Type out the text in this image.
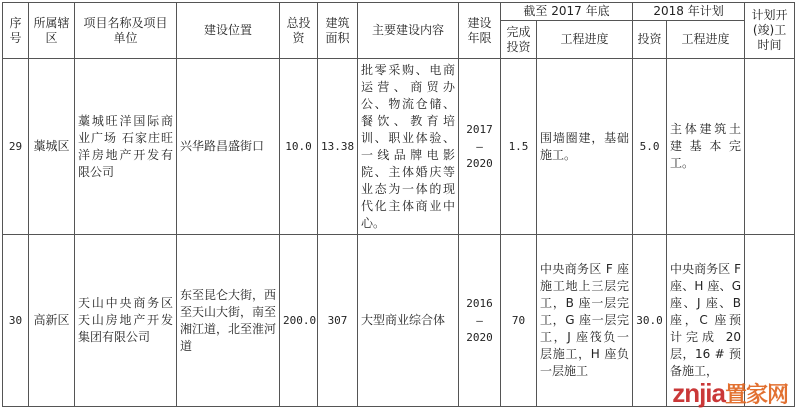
序号	所属辖区	项目名称及项目单位	建设位置	总投资	建筑面积	主要建设内容	建设年限	截至 2017 年底		2018 年计划		计划开(竣)工时间
								完成投资	工程进度	投资	工程进度	
29	藁城区	藁城旺洋国际商业广场 石家庄旺洋房地产开发有限公司	兴华路昌盛街口	10.0	13.38	批零采购、电商运营、商贸办公、物流仓储、餐饮、教育培训、职业体验、一线品牌电影院、主体婚庆等业态为一体的现代化主体商业中心。	2017 — 2020	1.5	围墙圈建，基础施工。	5.0	主体建筑土建基本完工。	
30	高新区	天山中央商务区 天山房地产开发集团有限公司	东至昆仑大街，西至天山大街，南至湘江道，北至淮河道	200.0	307	大型商业综合体	2016 — 2020	70	中央商务区 F 座施工地上三层完工，B 座一层完工，G 座一层完工，J 座筏负一层施工，H 座负一层施工	30.0	中央商务区 F 座、H 座、G 座、J 座、B 座，C 座预计完成 20 层，16 # 预备施工，	
znjia置家网
